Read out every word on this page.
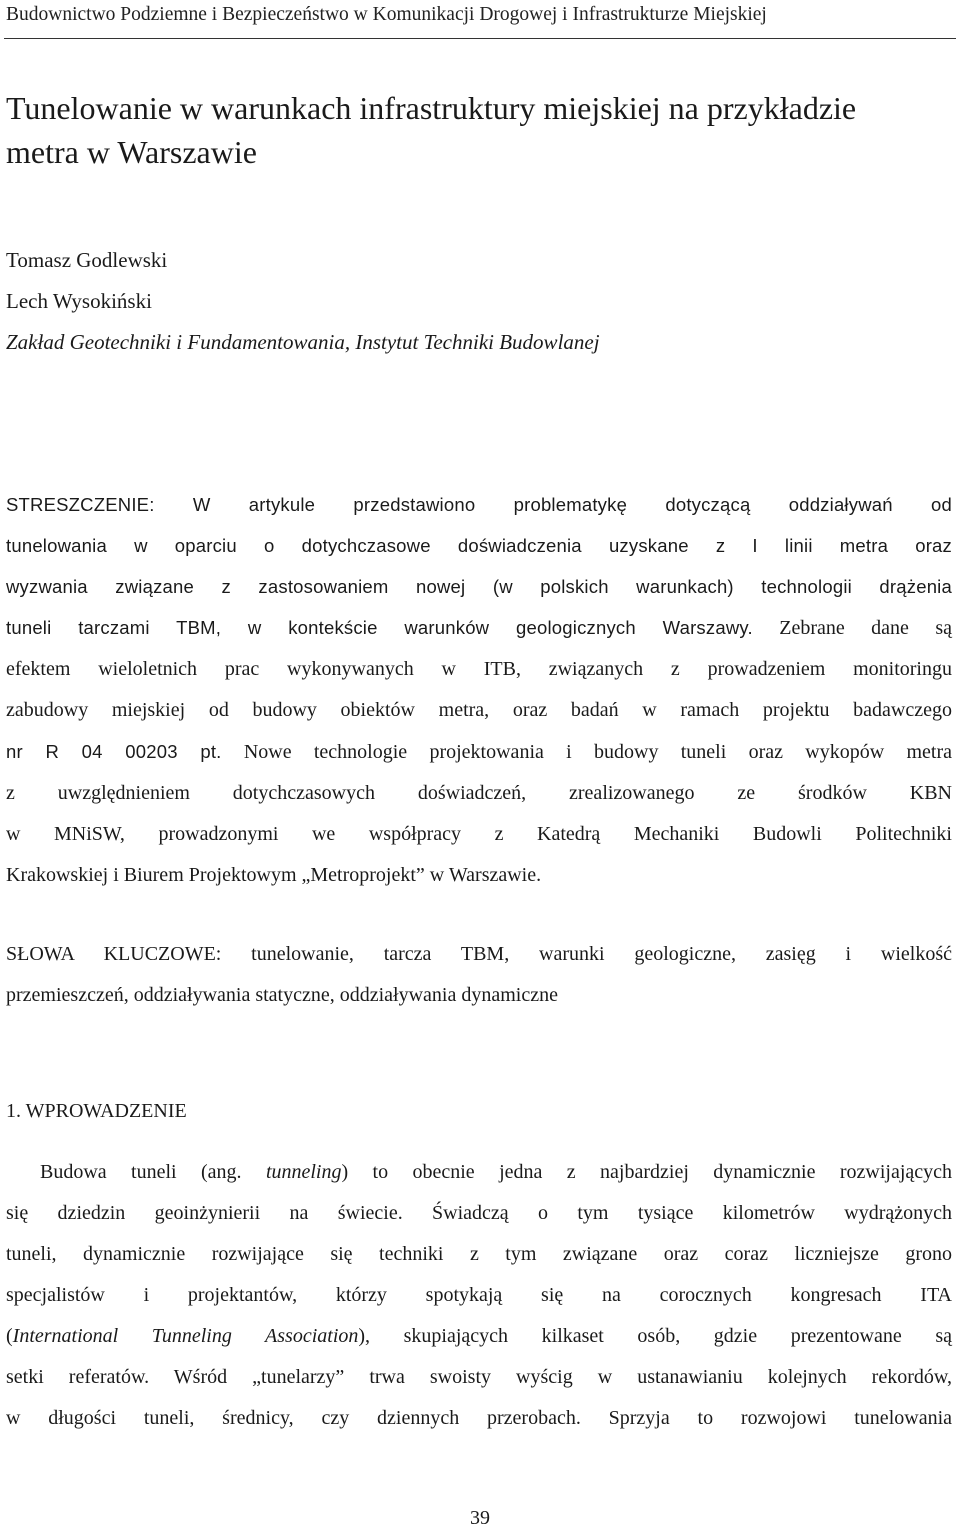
Budownictwo Podziemne i Bezpieczeństwo w Komunikacji Drogowej i Infrastrukturze Miejskiej
Tunelowanie w warunkach infrastruktury miejskiej na przykładzie
metra w Warszawie
Tomasz Godlewski
Lech Wysokiński
Zakład Geotechniki i Fundamentowania, Instytut Techniki Budowlanej
STRESZCZENIE: W artykule przedstawiono problematykę dotyczącą oddziaływań od
tunelowania w oparciu o dotychczasowe doświadczenia uzyskane z I linii metra oraz
wyzwania związane z zastosowaniem nowej (w polskich warunkach) technologii drążenia
tuneli tarczami TBM, w kontekście warunków geologicznych Warszawy. Zebrane dane są
efektem wieloletnich prac wykonywanych w ITB, związanych z prowadzeniem monitoringu
zabudowy miejskiej od budowy obiektów metra, oraz badań w ramach projektu badawczego
nr R 04 00203 pt. Nowe technologie projektowania i budowy tuneli oraz wykopów metra
z uwzględnieniem dotychczasowych doświadczeń, zrealizowanego ze środków KBN
w MNiSW, prowadzonymi we współpracy z Katedrą Mechaniki Budowli Politechniki
Krakowskiej i Biurem Projektowym „Metroprojekt” w Warszawie.
SŁOWA KLUCZOWE: tunelowanie, tarcza TBM, warunki geologiczne, zasięg i wielkość
przemieszczeń, oddziaływania statyczne, oddziaływania dynamiczne
1. WPROWADZENIE
Budowa tuneli (ang. tunneling) to obecnie jedna z najbardziej dynamicznie rozwijających
się dziedzin geoinżynierii na świecie. Świadczą o tym tysiące kilometrów wydrążonych
tuneli, dynamicznie rozwijające się techniki z tym związane oraz coraz liczniejsze grono
specjalistów i projektantów, którzy spotykają się na corocznych kongresach ITA
(International Tunneling Association), skupiających kilkaset osób, gdzie prezentowane są
setki referatów. Wśród „tunelarzy” trwa swoisty wyścig w ustanawianiu kolejnych rekordów,
w długości tuneli, średnicy, czy dziennych przerobach. Sprzyja to rozwojowi tunelowania
39
